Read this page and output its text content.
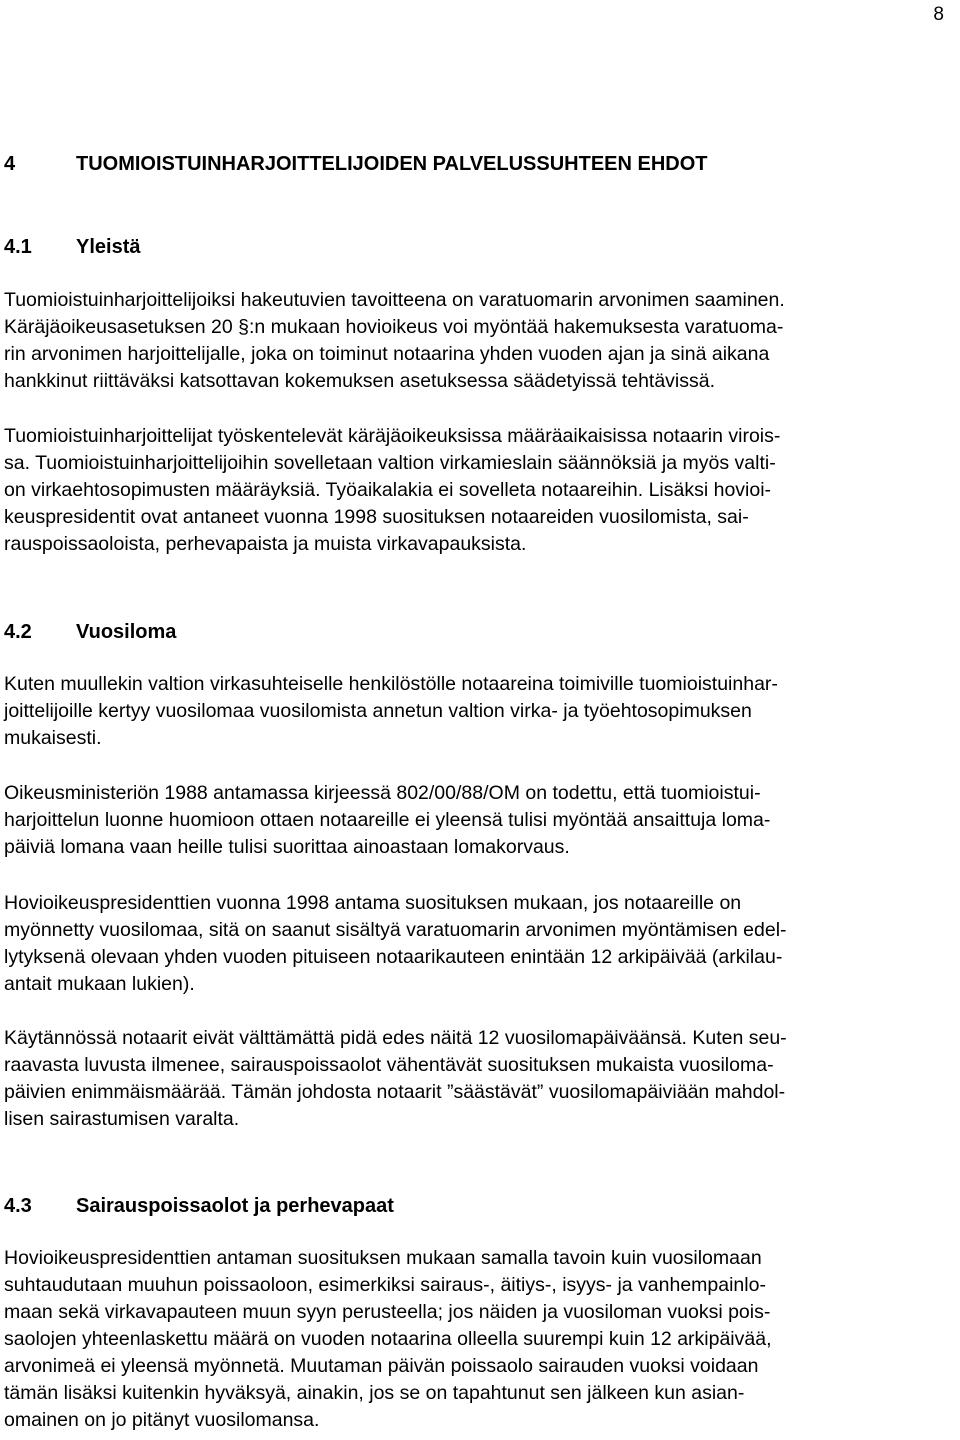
8
4	TUOMIOISTUINHARJOITTELIJOIDEN PALVELUSSUHTEEN EHDOT
4.1 Yleistä

Tuomioistuinharjoittelijoiksi hakeutuvien tavoitteena on varatuomarin arvonimen saaminen.
Käräjäoikeusasetuksen 20 §:n mukaan hovioikeus voi myöntää hakemuksesta varatuoma-
rin arvonimen harjoittelijalle, joka on toiminut notaarina yhden vuoden ajan ja sinä aikana
hankkinut riittäväksi katsottavan kokemuksen asetuksessa säädetyissä tehtävissä.

Tuomioistuinharjoittelijat työskentelevät käräjäoikeuksissa määräaikaisissa notaarin virois-
sa. Tuomioistuinharjoittelijoihin sovelletaan valtion virkamieslain säännöksiä ja myös valti-
on virkaehtosopimusten määräyksiä. Työaikalakia ei sovelleta notaareihin. Lisäksi hovioi-
keuspresidentit ovat antaneet vuonna 1998 suosituksen notaareiden vuosilomista, sai-
rauspoissaoloista, perhevapaista ja muista virkavapauksista.

4.2 Vuosiloma

Kuten muullekin valtion virkasuhteiselle henkilöstölle notaareina toimiville tuomioistuinhar-
joittelijoille kertyy vuosilomaa vuosilomista annetun valtion virka- ja työehtosopimuksen
mukaisesti.

Oikeusministeriön 1988 antamassa kirjeessä 802/00/88/OM on todettu, että tuomioistui-
harjoittelun luonne huomioon ottaen notaareille ei yleensä tulisi myöntää ansaittuja loma-
päiviä lomana vaan heille tulisi suorittaa ainoastaan lomakorvaus.

Hovioikeuspresidenttien vuonna 1998 antama suosituksen mukaan, jos notaareille on
myönnetty vuosilomaa, sitä on saanut sisältyä varatuomarin arvonimen myöntämisen edel-
lytyksenä olevaan yhden vuoden pituiseen notaarikauteen enintään 12 arkipäivää (arkilau-
antait mukaan lukien).

Käytännössä notaarit eivät välttämättä pidä edes näitä 12 vuosilomapäiväänsä. Kuten seu-
raavasta luvusta ilmenee, sairauspoissaolot vähentävät suosituksen mukaista vuosiloma-
päivien enimmäismäärää. Tämän johdosta notaarit ”säästävät” vuosilomapäiviään mahdol-
lisen sairastumisen varalta.

4.3 Sairauspoissaolot ja perhevapaat

Hovioikeuspresidenttien antaman suosituksen mukaan samalla tavoin kuin vuosilomaan
suhtaudutaan muuhun poissaoloon, esimerkiksi sairaus-, äitiys-, isyys- ja vanhempainlo-
maan sekä virkavapauteen muun syyn perusteella; jos näiden ja vuosiloman vuoksi pois-
saolojen yhteenlaskettu määrä on vuoden notaarina olleella suurempi kuin 12 arkipäivää,
arvonimeä ei yleensä myönnetä. Muutaman päivän poissaolo sairauden vuoksi voidaan
tämän lisäksi kuitenkin hyväksyä, ainakin, jos se on tapahtunut sen jälkeen kun asian-
omainen on jo pitänyt vuosilomansa.
